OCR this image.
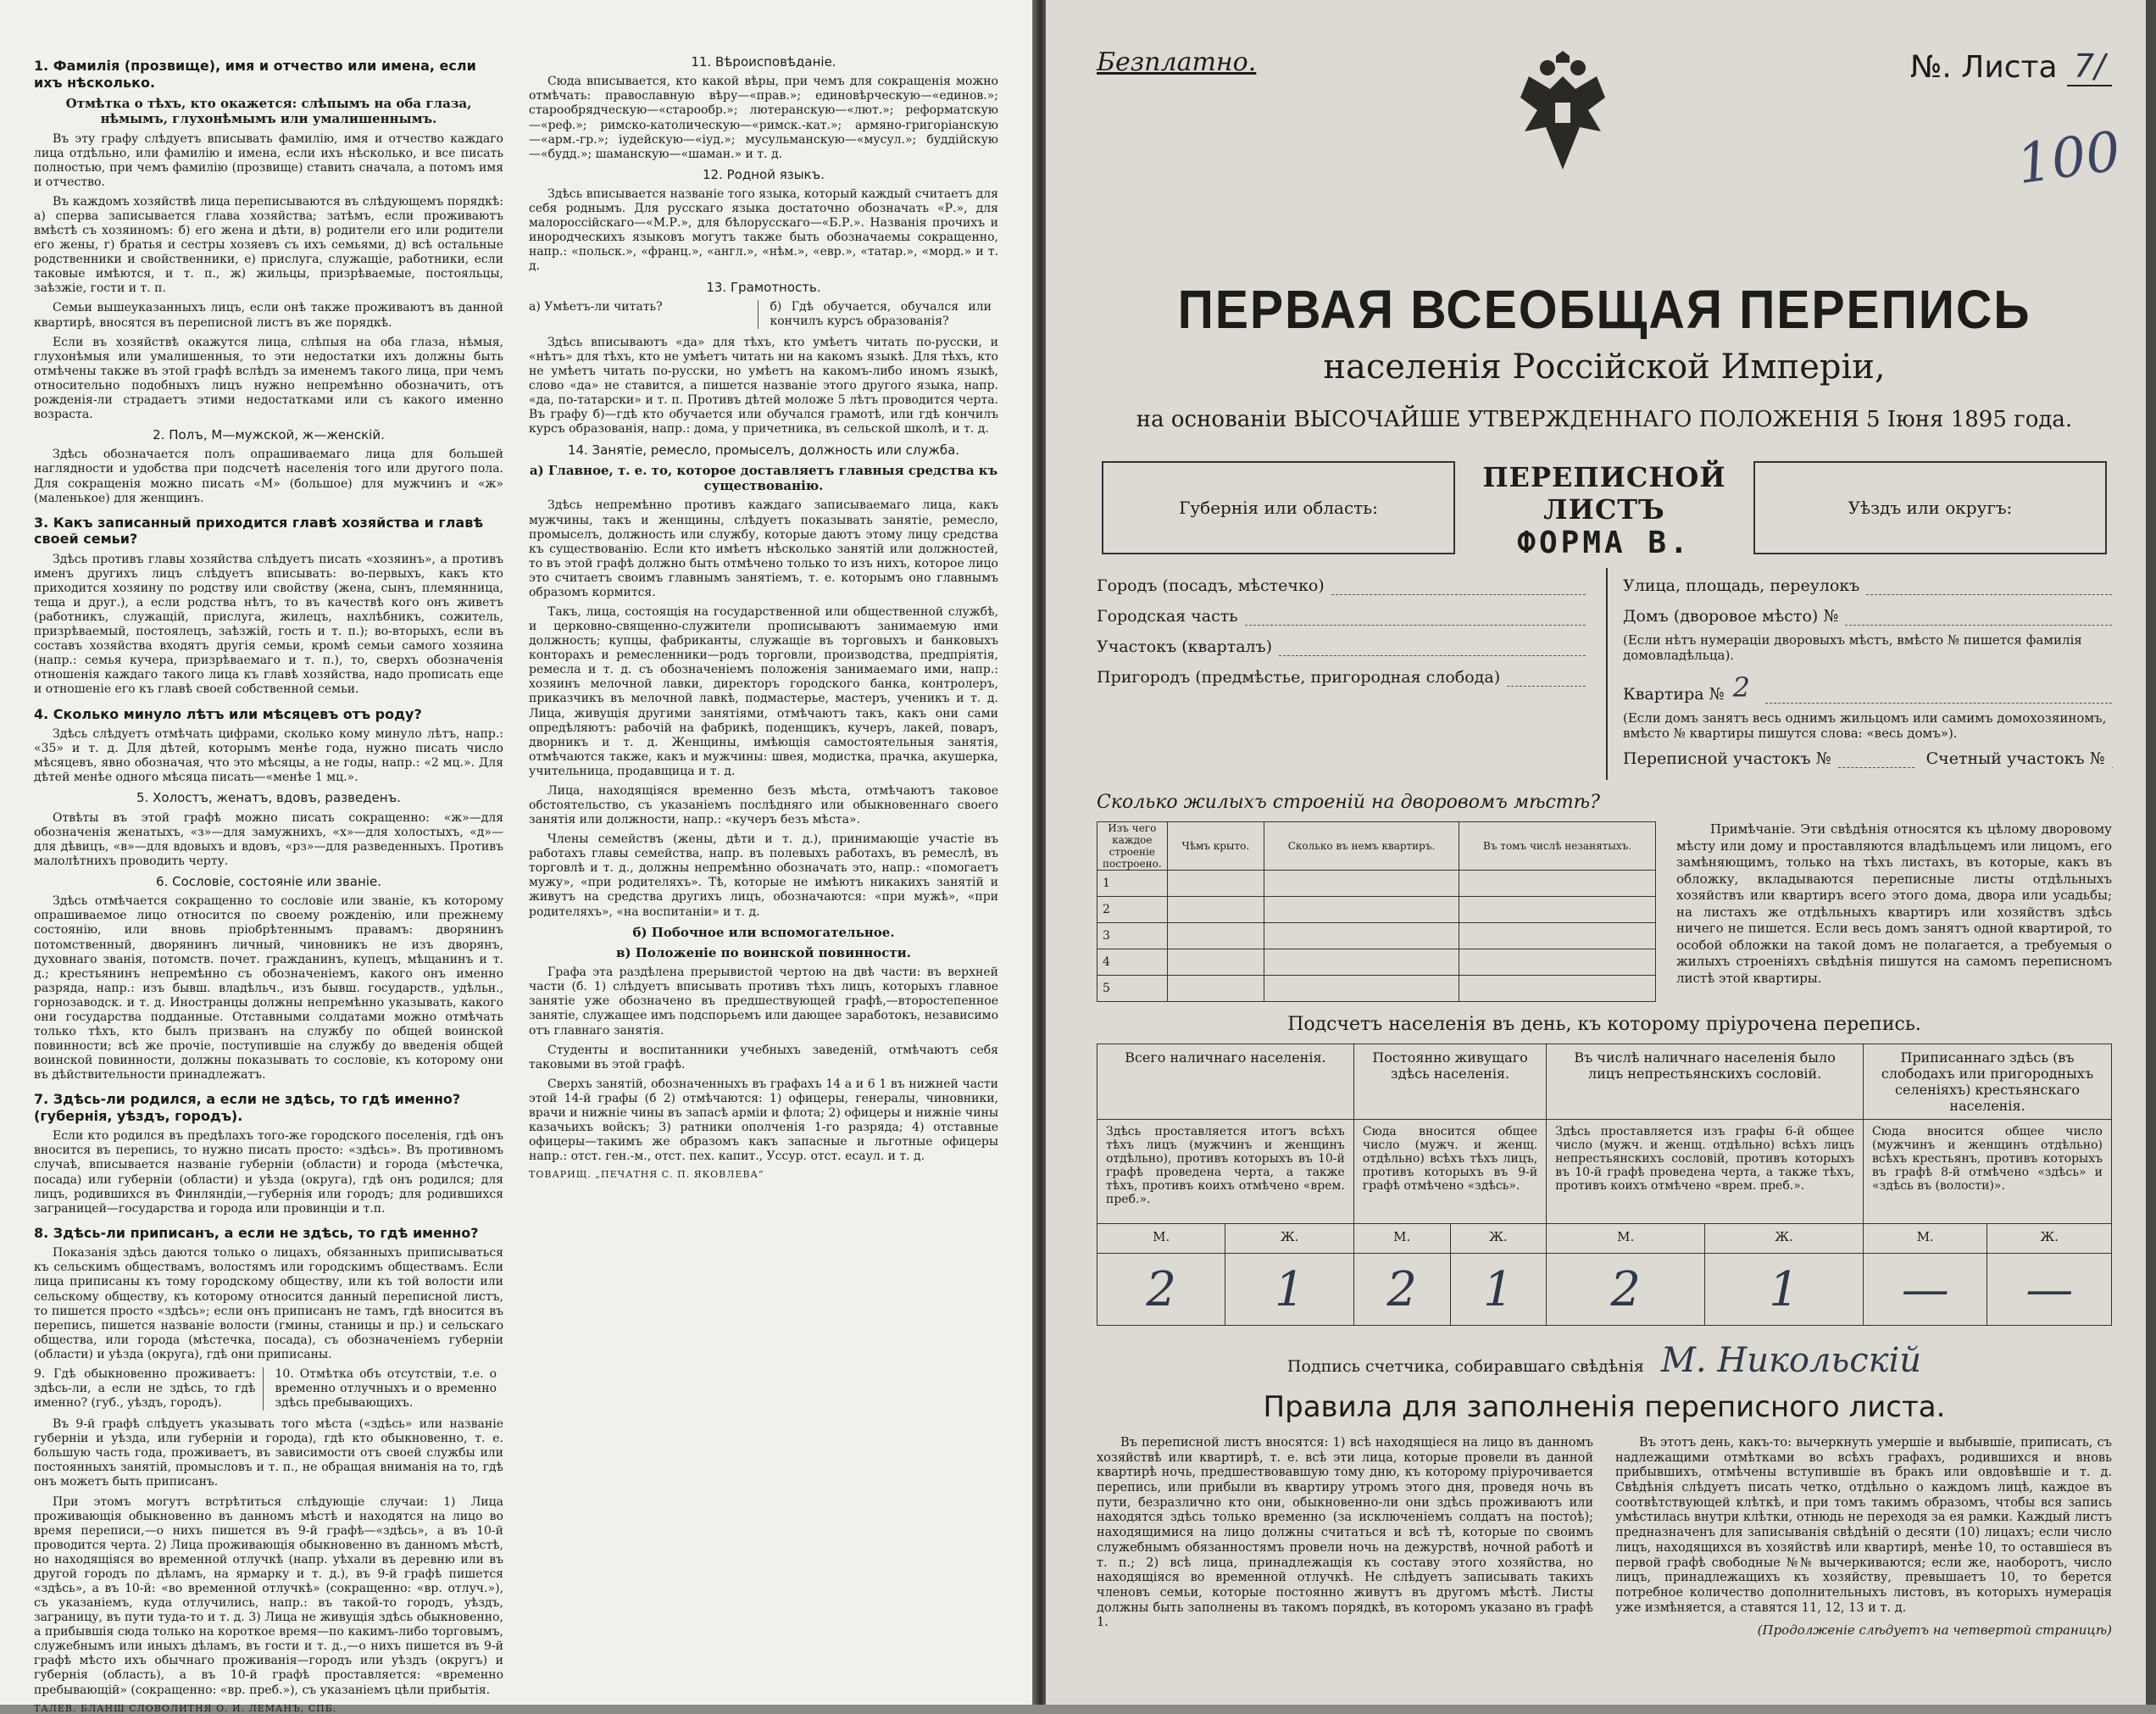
1. Фамилія (прозвище), имя и отчество или имена, если ихъ нѣсколько.
Отмѣтка о тѣхъ, кто окажется: слѣпымъ на оба глаза, нѣмымъ, глухонѣмымъ или умалишеннымъ.

Въ эту графу слѣдуетъ вписывать фамилію, имя и отчество каждаго лица отдѣльно, или фамилію и имена, если ихъ нѣсколько, и все писать полностью, при чемъ фамилію (прозвище) ставить сначала, а потомъ имя и отчество.

Въ каждомъ хозяйствѣ лица переписываются въ слѣдующемъ порядкѣ: а) сперва записывается глава хозяйства; затѣмъ, если проживаютъ вмѣстѣ съ хозяиномъ: б) его жена и дѣти, в) родители его или родители его жены, г) братья и сестры хозяевъ съ ихъ семьями, д) всѣ остальные родственники и свойственники, е) прислуга, служащіе, работники, если таковые имѣются, и т. п., ж) жильцы, призрѣваемые, постояльцы, заѣзжіе, гости и т. п.

Семьи вышеуказанныхъ лицъ, если онѣ также проживаютъ въ данной квартирѣ, вносятся въ переписной листъ въ же порядкѣ.

Если въ хозяйствѣ окажутся лица, слѣпыя на оба глаза, нѣмыя, глухонѣмыя или умалишенныя, то эти недостатки ихъ должны быть отмѣчены также въ этой графѣ вслѣдъ за именемъ такого лица, при чемъ относительно подобныхъ лицъ нужно непремѣнно обозначить, отъ рожденія-ли страдаетъ этими недостатками или съ какого именно возраста.

2. Полъ, М—мужской, ж—женскій.

Здѣсь обозначается полъ опрашиваемаго лица для большей наглядности и удобства при подсчетѣ населенія того или другого пола. Для сокращенія можно писать «М» (большое) для мужчинъ и «ж» (маленькое) для женщинъ.

3. Какъ записанный приходится главѣ хозяйства и главѣ своей семьи?

Здѣсь противъ главы хозяйства слѣдуетъ писать «хозяинъ», а противъ именъ другихъ лицъ слѣдуетъ вписывать: во-первыхъ, какъ кто приходится хозяину по родству или свойству (жена, сынъ, племянница, теща и друг.), а если родства нѣтъ, то въ качествѣ кого онъ живетъ (работникъ, служащій, прислуга, жилецъ, нахлѣбникъ, сожитель, призрѣваемый, постоялецъ, заѣзжій, гость и т. п.); во-вторыхъ, если въ составъ хозяйства входятъ другія семьи, кромѣ семьи самого хозяина (напр.: семья кучера, призрѣваемаго и т. п.), то, сверхъ обозначенія отношенія каждаго такого лица къ главѣ хозяйства, надо прописать еще и отношеніе его къ главѣ своей собственной семьи.

4. Сколько минуло лѣтъ или мѣсяцевъ отъ роду?

Здѣсь слѣдуетъ отмѣчать цифрами, сколько кому минуло лѣтъ, напр.: «35» и т. д. Для дѣтей, которымъ менѣе года, нужно писать число мѣсяцевъ, явно обозначая, что это мѣсяцы, а не годы, напр.: «2 мц.». Для дѣтей менѣе одного мѣсяца писать—«менѣе 1 мц.».

5. Холостъ, женатъ, вдовъ, разведенъ.

Отвѣты въ этой графѣ можно писать сокращенно: «ж»—для обозначенія женатыхъ, «з»—для замужнихъ, «х»—для холостыхъ, «д»—для дѣвицъ, «в»—для вдовыхъ и вдовъ, «рз»—для разведенныхъ. Противъ малолѣтнихъ проводить черту.

6. Сословіе, состояніе или званіе.

Здѣсь отмѣчается сокращенно то сословіе или званіе, къ которому опрашиваемое лицо относится по своему рожденію, или прежнему состоянію, или вновь пріобрѣтеннымъ правамъ: дворянинъ потомственный, дворянинъ личный, чиновникъ не изъ дворянъ, духовнаго званія, потомств. почет. гражданинъ, купецъ, мѣщанинъ и т. д.; крестьянинъ непремѣнно съ обозначеніемъ, какого онъ именно разряда, напр.: изъ бывш. владѣльч., изъ бывш. государств., удѣльн., горнозаводск. и т. д. Иностранцы должны непремѣнно указывать, какого они государства подданные. Отставными солдатами можно отмѣчать только тѣхъ, кто былъ призванъ на службу по общей воинской повинности; всѣ же прочіе, поступившіе на службу до введенія общей воинской повинности, должны показывать то сословіе, къ которому они въ дѣйствительности принадлежатъ.

7. Здѣсь-ли родился, а если не здѣсь, то гдѣ именно? (губернія, уѣздъ, городъ).

Если кто родился въ предѣлахъ того-же городского поселенія, гдѣ онъ вносится въ перепись, то нужно писать просто: «здѣсь». Въ противномъ случаѣ, вписывается названіе губерніи (области) и города (мѣстечка, посада) или губерніи (области) и уѣзда (округа), гдѣ онъ родился; для лицъ, родившихся въ Финляндіи,—губернія или городъ; для родившихся заграницей—государства и города или провинціи и т.п.

8. Здѣсь-ли приписанъ, а если не здѣсь, то гдѣ именно?

Показанія здѣсь даются только о лицахъ, обязанныхъ приписываться къ сельскимъ обществамъ, волостямъ или городскимъ обществамъ. Если лица приписаны къ тому городскому обществу, или къ той волости или сельскому обществу, къ которому относится данный переписной листъ, то пишется просто «здѣсь»; если онъ приписанъ не тамъ, гдѣ вносится въ перепись, пишется названіе волости (гмины, станицы и пр.) и сельскаго общества, или города (мѣстечка, посада), съ обозначеніемъ губерніи (области) и уѣзда (округа), гдѣ они приписаны.

9. Гдѣ обыкновенно проживаетъ: здѣсь-ли, а если не здѣсь, то гдѣ именно? (губ., уѣздъ, городъ).
10. Отмѣтка объ отсутствіи, т.е. о временно отлучныхъ и о временно здѣсь пребывающихъ.

Въ 9-й графѣ слѣдуетъ указывать того мѣста («здѣсь» или названіе губерніи и уѣзда, или губерніи и города), гдѣ кто обыкновенно, т. е. большую часть года, проживаетъ, въ зависимости отъ своей службы или постоянныхъ занятій, промысловъ и т. п., не обращая вниманія на то, гдѣ онъ можетъ быть приписанъ.

При этомъ могутъ встрѣтиться слѣдующіе случаи: 1) Лица проживающія обыкновенно въ данномъ мѣстѣ и находятся на лицо во время переписи,—о нихъ пишется въ 9-й графѣ—«здѣсь», а въ 10-й проводится черта. 2) Лица проживающія обыкновенно въ данномъ мѣстѣ, но находящіяся во временной отлучкѣ (напр. уѣхали въ деревню или въ другой городъ по дѣламъ, на ярмарку и т. д.), въ 9-й графѣ пишется «здѣсь», а въ 10-й: «во временной отлучкѣ» (сокращенно: «вр. отлуч.»), съ указаніемъ, куда отлучились, напр.: въ такой-то городъ, уѣздъ, заграницу, въ пути туда-то и т. д. 3) Лица не живущія здѣсь обыкновенно, а прибывшія сюда только на короткое время—по какимъ-либо торговымъ, служебнымъ или иныхъ дѣламъ, въ гости и т. д.,—о нихъ пишется въ 9-й графѣ мѣсто ихъ обычнаго проживанія—городъ или уѣздъ (округъ) и губернія (область), а въ 10-й графѣ проставляется: «временно пребывающій» (сокращенно: «вр. преб.»), съ указаніемъ цѣли прибытія.

ТАЛЕВ. БЛАНШ СЛОВОЛИТНЯ О. И. ЛЕМАНЪ, СПБ.

11. Вѣроисповѣданіе.

Сюда вписывается, кто какой вѣры, при чемъ для сокращенія можно отмѣчать: православную вѣру—«прав.»; единовѣрческую—«единов.»; старообрядческую—«старообр.»; лютеранскую—«лют.»; реформатскую—«реф.»; римско-католическую—«римск.-кат.»; армяно-григоріанскую—«арм.-гр.»; іудейскую—«іуд.»; мусульманскую—«мусул.»; буддійскую—«будд.»; шаманскую—«шаман.» и т. д.

12. Родной языкъ.

Здѣсь вписывается названіе того языка, который каждый считаетъ для себя роднымъ. Для русскаго языка достаточно обозначать «Р.», для малороссійскаго—«М.Р.», для бѣлорусскаго—«Б.Р.». Названія прочихъ и инородческихъ языковъ могутъ также быть обозначаемы сокращенно, напр.: «польск.», «франц.», «англ.», «нѣм.», «евр.», «татар.», «морд.» и т. д.

13. Грамотность.
а) Умѣетъ-ли читать?	б) Гдѣ обучается, обучался или кончилъ курсъ образованія?

Здѣсь вписываютъ «да» для тѣхъ, кто умѣетъ читать по-русски, и «нѣтъ» для тѣхъ, кто не умѣетъ читать ни на какомъ языкѣ. Для тѣхъ, кто не умѣетъ читать по-русски, но умѣетъ на какомъ-либо иномъ языкѣ, слово «да» не ставится, а пишется названіе этого другого языка, напр. «да, по-татарски» и т. п. Противъ дѣтей моложе 5 лѣтъ проводится черта. Въ графу б)—гдѣ кто обучается или обучался грамотѣ, или гдѣ кончилъ курсъ образованія, напр.: дома, у причетника, въ сельской школѣ, и т. д.

14. Занятіе, ремесло, промыселъ, должность или служба.
а) Главное, т. е. то, которое доставляетъ главныя средства къ существованію.

Здѣсь непремѣнно противъ каждаго записываемаго лица, какъ мужчины, такъ и женщины, слѣдуетъ показывать занятіе, ремесло, промыселъ, должность или службу, которые даютъ этому лицу средства къ существованію. Если кто имѣетъ нѣсколько занятій или должностей, то въ этой графѣ должно быть отмѣчено только то изъ нихъ, которое лицо это считаетъ своимъ главнымъ занятіемъ, т. е. которымъ оно главнымъ образомъ кормится.

Такъ, лица, состоящія на государственной или общественной службѣ, и церковно-священно-служители прописываютъ занимаемую ими должность; купцы, фабриканты, служащіе въ торговыхъ и банковыхъ конторахъ и ремесленники—родъ торговли, производства, предпріятія, ремесла и т. д. съ обозначеніемъ положенія занимаемаго ими, напр.: хозяинъ мелочной лавки, директоръ городского банка, контролеръ, приказчикъ въ мелочной лавкѣ, подмастерье, мастеръ, ученикъ и т. д. Лица, живущія другими занятіями, отмѣчаютъ такъ, какъ они сами опредѣляютъ: рабочій на фабрикѣ, поденщикъ, кучеръ, лакей, поваръ, дворникъ и т. д. Женщины, имѣющія самостоятельныя занятія, отмѣчаются также, какъ и мужчины: швея, модистка, прачка, акушерка, учительница, продавщица и т. д.

Лица, находящіяся временно безъ мѣста, отмѣчаютъ таковое обстоятельство, съ указаніемъ послѣдняго или обыкновеннаго своего занятія или должности, напр.: «кучеръ безъ мѣста».

Члены семействъ (жены, дѣти и т. д.), принимающіе участіе въ работахъ главы семейства, напр. въ полевыхъ работахъ, въ ремеслѣ, въ торговлѣ и т. д., должны непремѣнно обозначать это, напр.: «помогаетъ мужу», «при родителяхъ». Тѣ, которые не имѣютъ никакихъ занятій и живутъ на средства другихъ лицъ, обозначаются: «при мужѣ», «при родителяхъ», «на воспитаніи» и т. д.

б) Побочное или вспомогательное.
в) Положеніе по воинской повинности.

Графа эта раздѣлена прерывистой чертою на двѣ части: въ верхней части (б. 1) слѣдуетъ вписывать противъ тѣхъ лицъ, которыхъ главное занятіе уже обозначено въ предшествующей графѣ,—второстепенное занятіе, служащее имъ подспорьемъ или дающее заработокъ, независимо отъ главнаго занятія.

Студенты и воспитанники учебныхъ заведеній, отмѣчаютъ себя таковыми въ этой графѣ.

Сверхъ занятій, обозначенныхъ въ графахъ 14 а и 6 1 въ нижней части этой 14-й графы (б 2) отмѣчаются: 1) офицеры, генералы, чиновники, врачи и нижніе чины въ запасѣ арміи и флота; 2) офицеры и нижніе чины казачьихъ войскъ; 3) ратники ополченія 1-го разряда; 4) отставные офицеры—такимъ же образомъ какъ запасные и льготные офицеры напр.: отст. ген.-м., отст. пех. капит., Уссур. отст. есаул. и т. д.

ТОВАРИЩ. „ПЕЧАТНЯ С. П. ЯКОВЛЕВА“

Безплатно.	№. Листа 7/
100
ПЕРВАЯ ВСЕОБЩАЯ ПЕРЕПИСЬ
населенія Россійской Имперіи,
на основаніи ВЫСОЧАЙШЕ УТВЕРЖДЕННАГО ПОЛОЖЕНІЯ 5 Іюня 1895 года.
Губернія или область:
ПЕРЕПИСНОЙ ЛИСТЪ
ФОРМА В.
Уѣздъ или округъ:
Городъ (посадъ, мѣстечко)
Городская часть
Участокъ (кварталъ)
Пригородъ (предмѣстье, пригородная слобода)
Улица, площадь, переулокъ
Домъ (дворовое мѣсто) №
(Если нѣтъ нумераціи дворовыхъ мѣстъ, вмѣсто № пишется фамилія домовладѣльца).
Квартира № 2
(Если домъ занятъ весь однимъ жильцомъ или самимъ домохозяиномъ, вмѣсто № квартиры пишутся слова: «весь домъ»).
Переписной участокъ №	Счетный участокъ №
Сколько жилыхъ строеній на дворовомъ мѣстѣ?
Изъ чего каждое строеніе построено.	Чѣмъ крыто.	Сколько въ немъ квартиръ.	Въ томъ числѣ незанятыхъ.
1			
2			
3			
4			
5			
Примѣчаніе. Эти свѣдѣнія относятся къ цѣлому дворовому мѣсту или дому и проставляются владѣльцемъ или лицомъ, его замѣняющимъ, только на тѣхъ листахъ, въ которые, какъ въ обложку, вкладываются переписные листы отдѣльныхъ хозяйствъ или квартиръ всего этого дома, двора или усадьбы; на листахъ же отдѣльныхъ квартиръ или хозяйствъ здѣсь ничего не пишется. Если весь домъ занятъ одной квартирой, то особой обложки на такой домъ не полагается, а требуемыя о жилыхъ строеніяхъ свѣдѣнія пишутся на самомъ переписномъ листѣ этой квартиры.
Подсчетъ населенія въ день, къ которому пріурочена перепись.
Всего наличнаго населенія.		Постоянно живущаго здѣсь населенія.		Въ числѣ наличнаго населенія было лицъ непрестьянскихъ сословій.		Приписаннаго здѣсь (въ слободахъ или пригородныхъ селеніяхъ) крестьянскаго населенія.	
Здѣсь проставляется итогъ всѣхъ тѣхъ лицъ (мужчинъ и женщинъ отдѣльно), противъ которыхъ въ 10-й графѣ проведена черта, а также тѣхъ, противъ коихъ отмѣчено «врем. преб.».		Сюда вносится общее число (мужч. и женщ. отдѣльно) всѣхъ тѣхъ лицъ, противъ которыхъ въ 9-й графѣ отмѣчено «здѣсь».		Здѣсь проставляется изъ графы 6-й общее число (мужч. и женщ. отдѣльно) всѣхъ лицъ непрестьянскихъ сословій, противъ которыхъ въ 10-й графѣ проведена черта, а также тѣхъ, противъ коихъ отмѣчено «врем. преб.».		Сюда вносится общее число (мужчинъ и женщинъ отдѣльно) всѣхъ крестьянъ, противъ которыхъ въ графѣ 8-й отмѣчено «здѣсь» и «здѣсь въ (волости)».	
М.	Ж.	М.	Ж.	М.	Ж.	М.	Ж.
2	1	2	1	2	1	—	—
Подпись счетчика, собиравшаго свѣдѣнія М. Никольскій
Правила для заполненія переписного листа.
Въ переписной листъ вносятся: 1) всѣ находящіеся на лицо въ данномъ хозяйствѣ или квартирѣ, т. е. всѣ эти лица, которые провели въ данной квартирѣ ночь, предшествовавшую тому дню, къ которому пріурочивается перепись, или прибыли въ квартиру утромъ этого дня, проведя ночь въ пути, безразлично кто они, обыкновенно-ли они здѣсь проживаютъ или находятся здѣсь только временно (за исключеніемъ солдатъ на постоѣ); находящимися на лицо должны считаться и всѣ тѣ, которые по своимъ служебнымъ обязанностямъ провели ночь на дежурствѣ, ночной работѣ и т. п.; 2) всѣ лица, принадлежащія къ составу этого хозяйства, но находящіяся во временной отлучкѣ. Не слѣдуетъ записывать такихъ членовъ семьи, которые постоянно живутъ въ другомъ мѣстѣ. Листы должны быть заполнены въ такомъ порядкѣ, въ которомъ указано въ графѣ 1.
Въ этотъ день, какъ-то: вычеркнуть умершіе и выбывшіе, приписать, съ надлежащими отмѣтками во всѣхъ графахъ, родившихся и вновь прибывшихъ, отмѣчены вступившіе въ бракъ или овдовѣвшіе и т. д. Свѣдѣнія слѣдуетъ писать четко, отдѣльно о каждомъ лицѣ, каждое въ соотвѣтствующей клѣткѣ, и при томъ такимъ образомъ, чтобы вся запись умѣстилась внутри клѣтки, отнюдь не переходя за ея рамки. Каждый листъ предназначенъ для записыванія свѣдѣній о десяти (10) лицахъ; если число лицъ, находящихся въ хозяйствѣ или квартирѣ, менѣе 10, то оставшіеся въ первой графѣ свободные №№ вычеркиваются; если же, наоборотъ, число лицъ, принадлежащихъ къ хозяйству, превышаетъ 10, то берется потребное количество дополнительныхъ листовъ, въ которыхъ нумерація уже измѣняется, а ставятся 11, 12, 13 и т. д.
(Продолженіе слѣдуетъ на четвертой страницѣ)
